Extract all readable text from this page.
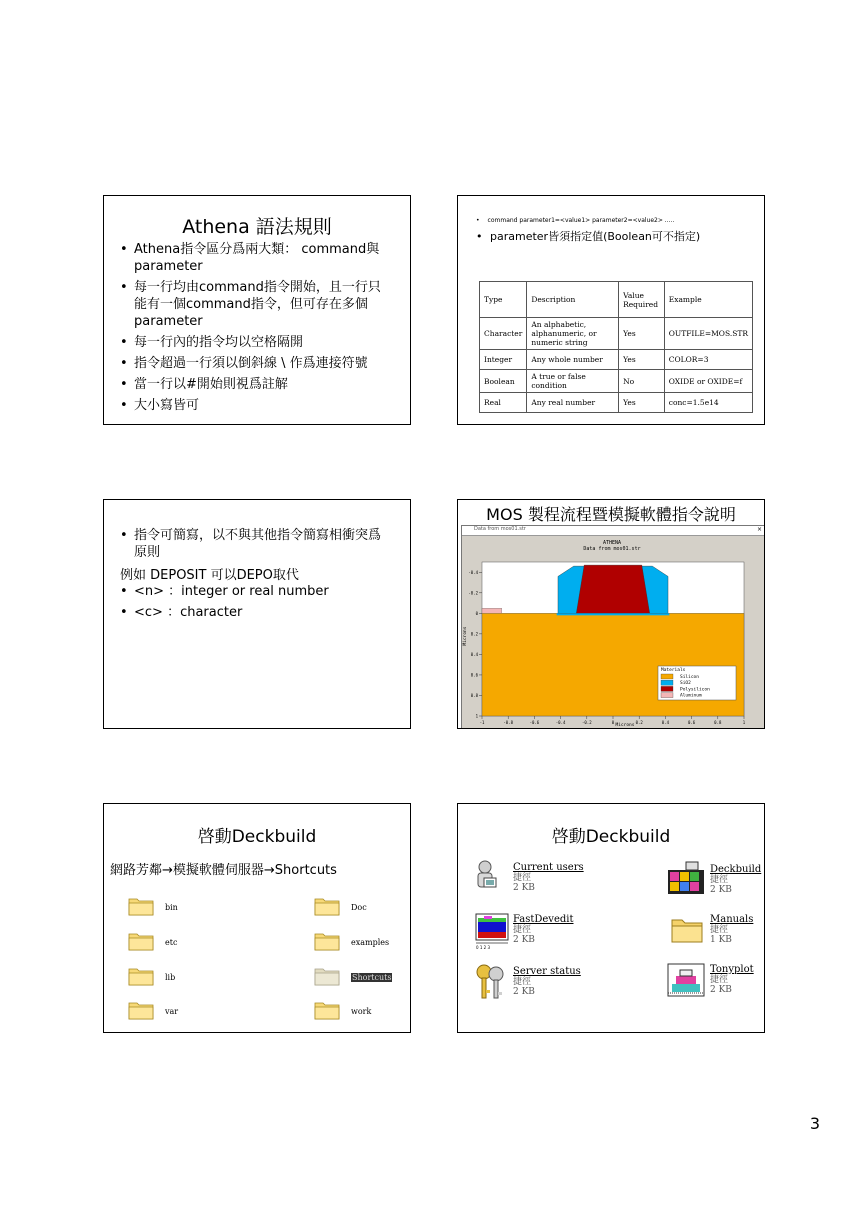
Athena 語法規則
• Athena指令區分爲兩大類： command與parameter
• 每一行均由command指令開始，且一行只能有一個command指令，但可存在多個parameter
• 每一行內的指令均以空格隔開
• 指令超過一行須以倒斜線 \ 作爲連接符號
• 當一行以#開始則視爲註解
• 大小寫皆可
• command parameter1=<value1> parameter2=<value2> .....
• parameter皆須指定值(Boolean可不指定)
Type	Description	Value Required	Example
Character	An alphabetic, alphanumeric, or numeric string	Yes	OUTFILE=MOS.STR
Integer	Any whole number	Yes	COLOR=3
Boolean	A true or false condition	No	OXIDE or OXIDE=f
Real	Any real number	Yes	conc=1.5e14
• 指令可簡寫，以不與其他指令簡寫相衝突爲原則
例如 DEPOSIT 可以DEPO取代
• <n> ：integer or real number
• <c> ：character
MOS 製程流程暨模擬軟體指令說明
Data from mos01.str	×
ATHENA
Data from mos01.str
-0.4
-0.2
0
0.2
0.4
0.6
0.8
1
-1	-0.8	-0.6	-0.4	-0.2	0	0.2	0.4	0.6	0.8	1
Microns
Microns
Materials
Silicon
SiO2
Polysilicon
Aluminum
啓動Deckbuild
網路芳鄰→模擬軟體伺服器→Shortcuts
bin	Doc
etc	examples
lib	Shortcuts
var	work
啓動Deckbuild
Current users
捷徑
2 KB
Deckbuild
捷徑
2 KB
0 1 2 3
FastDevedit
捷徑
2 KB
Manuals
捷徑
1 KB
Server status
捷徑
2 KB
Tonyplot
捷徑
2 KB
3
